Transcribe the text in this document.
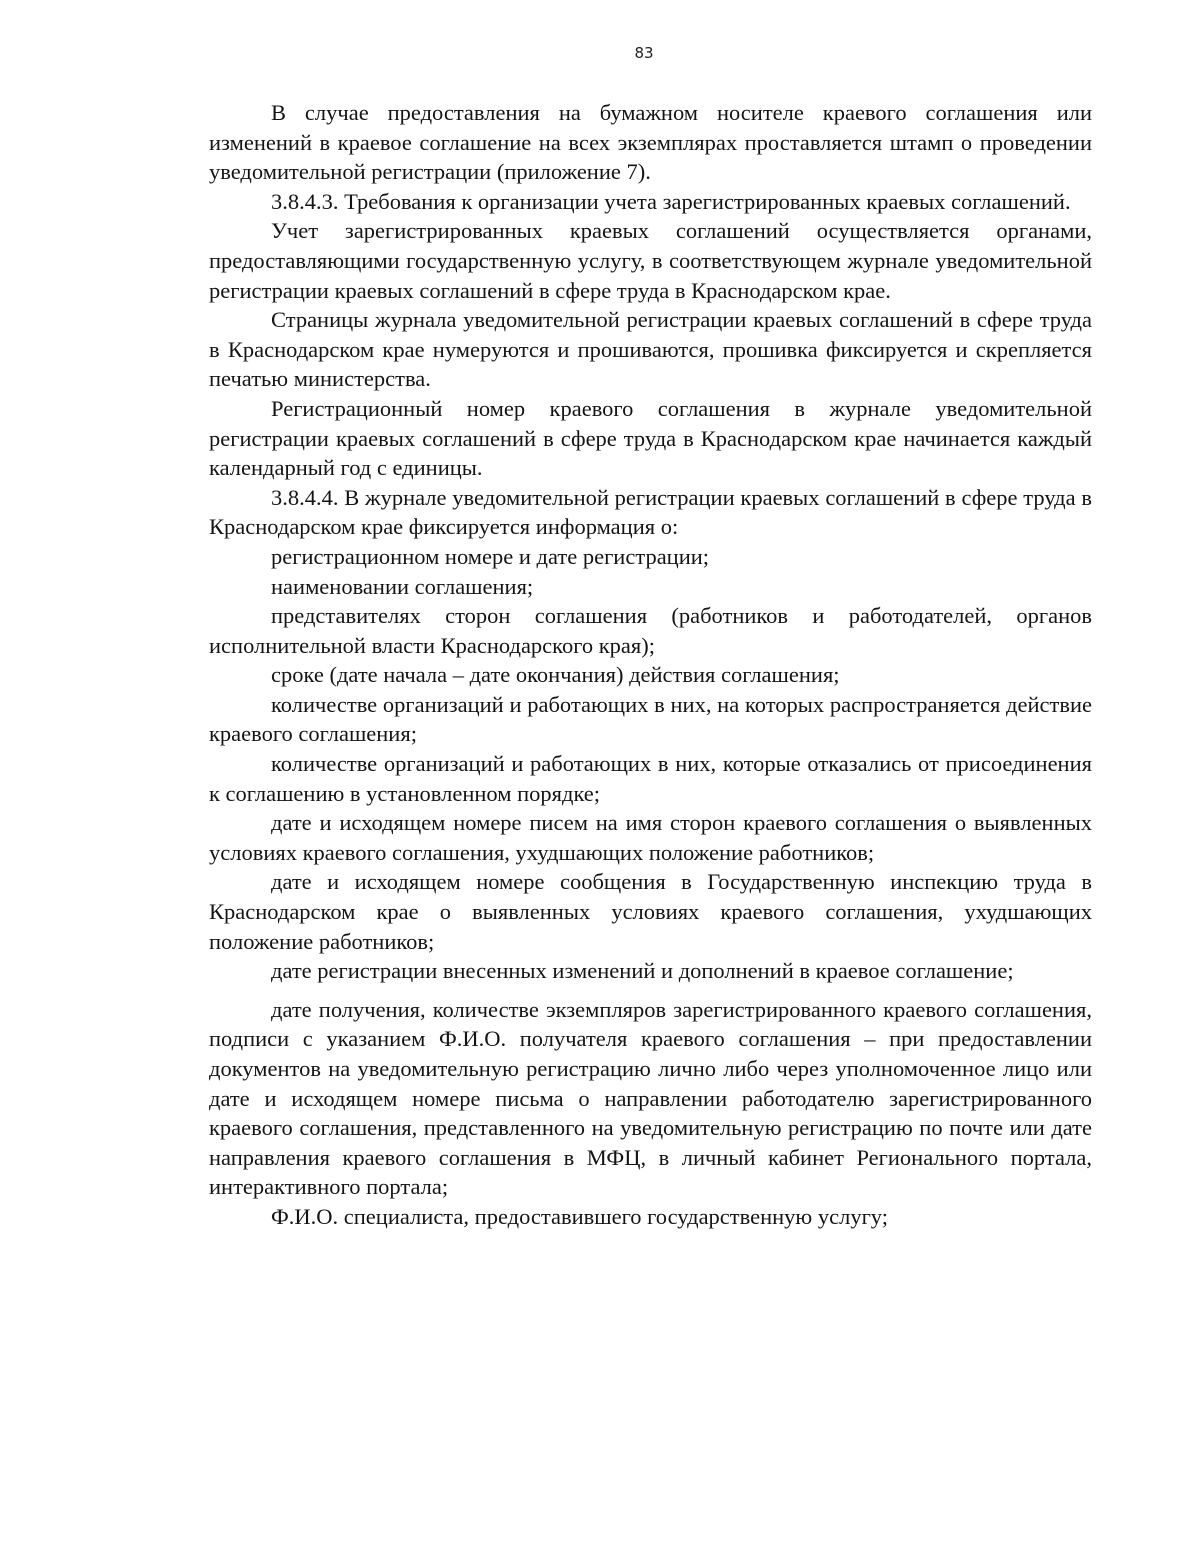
83

В случае предоставления на бумажном носителе краевого соглашения или изменений в краевое соглашение на всех экземплярах проставляется штамп о проведении уведомительной регистрации (приложение 7).

3.8.4.3. Требования к организации учета зарегистрированных краевых соглашений.

Учет зарегистрированных краевых соглашений осуществляется органами, предоставляющими государственную услугу, в соответствующем журнале уведомительной регистрации краевых соглашений в сфере труда в Краснодарском крае.

Страницы журнала уведомительной регистрации краевых соглашений в сфере труда в Краснодарском крае нумеруются и прошиваются, прошивка фиксируется и скрепляется печатью министерства.

Регистрационный номер краевого соглашения в журнале уведомительной регистрации краевых соглашений в сфере труда в Краснодарском крае начинается каждый календарный год с единицы.

3.8.4.4. В журнале уведомительной регистрации краевых соглашений в сфере труда в Краснодарском крае фиксируется информация о:

регистрационном номере и дате регистрации;

наименовании соглашения;

представителях сторон соглашения (работников и работодателей, органов исполнительной власти Краснодарского края);

сроке (дате начала – дате окончания) действия соглашения;

количестве организаций и работающих в них, на которых распространяется действие краевого соглашения;

количестве организаций и работающих в них, которые отказались от присоединения к соглашению в установленном порядке;

дате и исходящем номере писем на имя сторон краевого соглашения о выявленных условиях краевого соглашения, ухудшающих положение работников;

дате и исходящем номере сообщения в Государственную инспекцию труда в Краснодарском крае о выявленных условиях краевого соглашения, ухудшающих положение работников;

дате регистрации внесенных изменений и дополнений в краевое соглашение;

дате получения, количестве экземпляров зарегистрированного краевого соглашения, подписи с указанием Ф.И.О. получателя краевого соглашения – при предоставлении документов на уведомительную регистрацию лично либо через уполномоченное лицо или дате и исходящем номере письма о направлении работодателю зарегистрированного краевого соглашения, представленного на уведомительную регистрацию по почте или дате направления краевого соглашения в МФЦ, в личный кабинет Регионального портала, интерактивного портала;

Ф.И.О. специалиста, предоставившего государственную услугу;
